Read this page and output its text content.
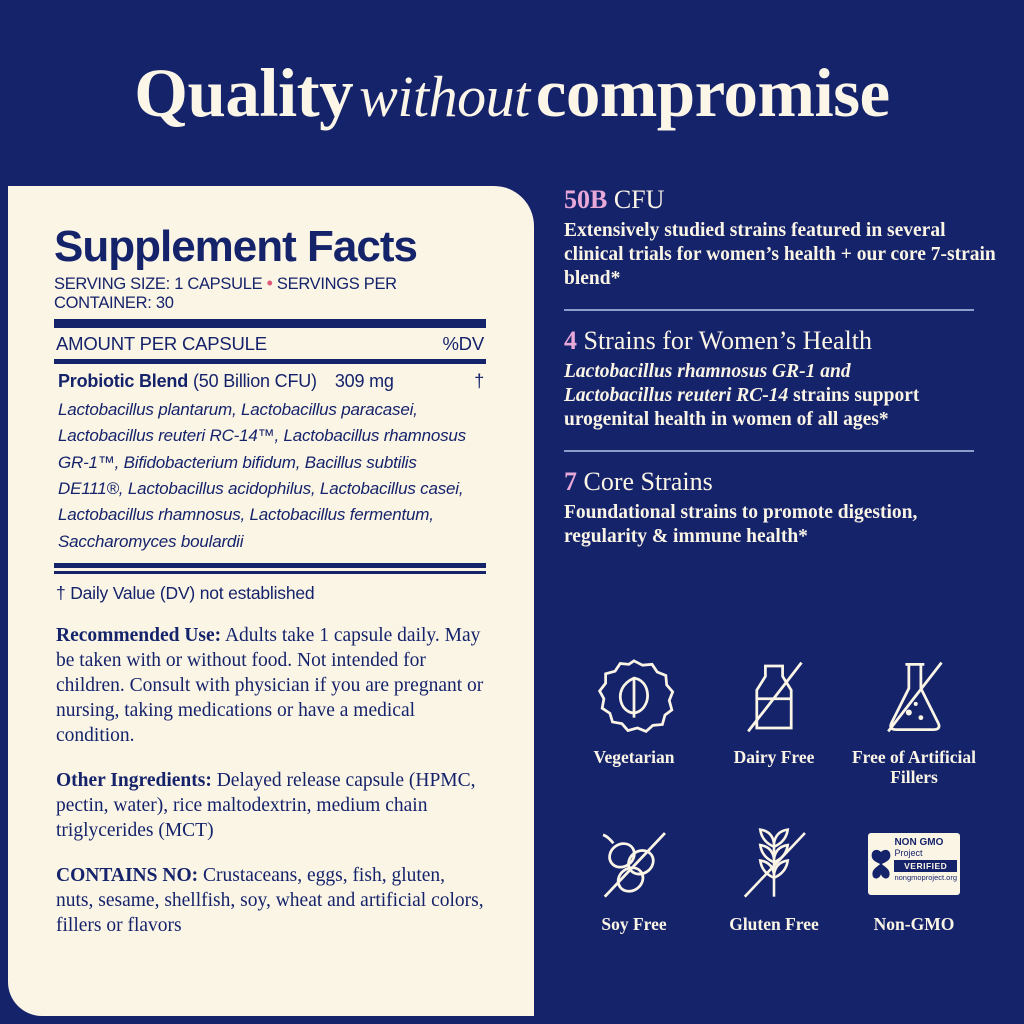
Quality withoutcompromise
Supplement Facts
SERVING SIZE: 1 CAPSULE • SERVINGS PER CONTAINER: 30
AMOUNT PER CAPSULE	%DV
Probiotic Blend (50 Billion CFU)	309 mg	†
Lactobacillus plantarum, Lactobacillus paracasei, Lactobacillus reuteri RC-14™, Lactobacillus rhamnosus GR-1™, Bifidobacterium bifidum, Bacillus subtilis DE111®, Lactobacillus acidophilus, Lactobacillus casei, Lactobacillus rhamnosus, Lactobacillus fermentum, Saccharomyces boulardii
† Daily Value (DV) not established
Recommended Use: Adults take 1 capsule daily. May be taken with or without food. Not intended for children. Consult with physician if you are pregnant or nursing, taking medications or have a medical condition.
Other Ingredients: Delayed release capsule (HPMC, pectin, water), rice maltodextrin, medium chain triglycerides (MCT)
CONTAINS NO: Crustaceans, eggs, fish, gluten, nuts, sesame, shellfish, soy, wheat and artificial colors, fillers or flavors
50B CFU
Extensively studied strains featured in several clinical trials for women’s health + our core 7-strain blend*
4 Strains for Women’s Health
Lactobacillus rhamnosus GR-1 and
Lactobacillus reuteri RC-14 strains support urogenital health in women of all ages*
7 Core Strains
Foundational strains to promote digestion, regularity & immune health*
Vegetarian	Dairy Free	Free of Artificial Fillers
Soy Free	Gluten Free
NON GMO
Project
VERIFIED
nongmoproject.org
Non-GMO
